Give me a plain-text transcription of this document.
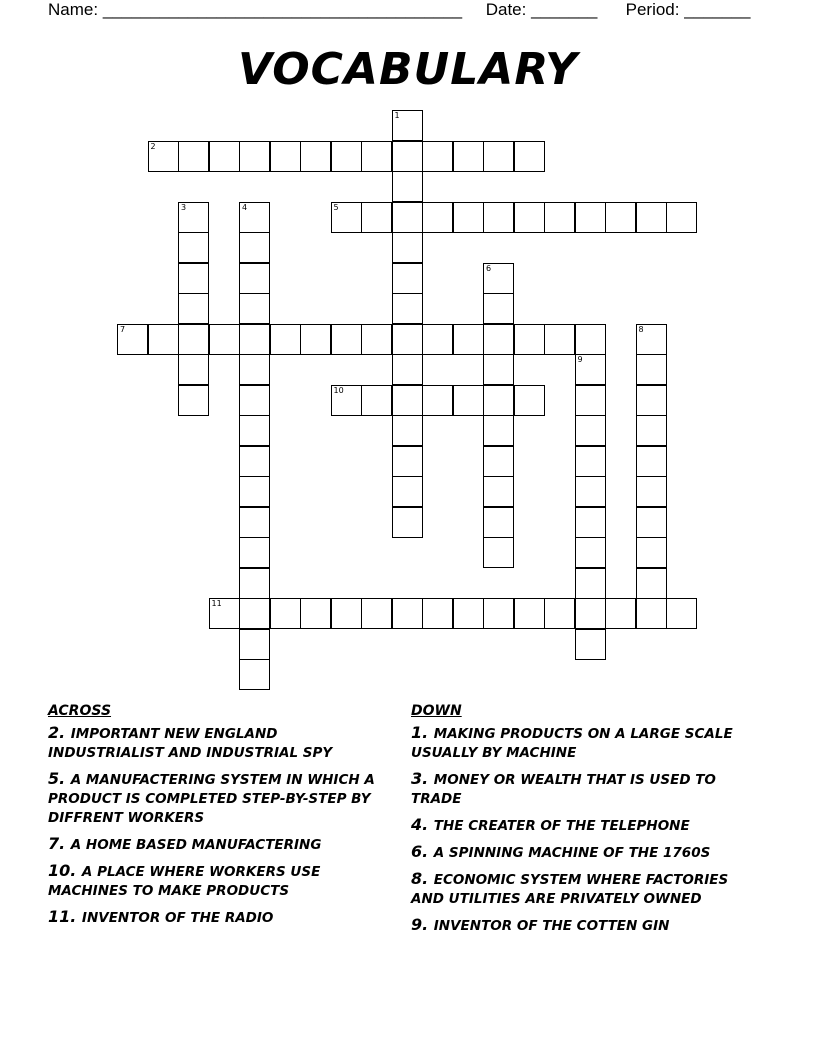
Name: ______________________________________ Date: _______ Period: _______
VOCABULARY
1
2
3	4	5
6
7	8
9
10
11
ACROSS
2. IMPORTANT NEW ENGLAND INDUSTRIALIST AND INDUSTRIAL SPY
5. A MANUFACTERING SYSTEM IN WHICH A PRODUCT IS COMPLETED STEP-BY-STEP BY DIFFRENT WORKERS
7. A HOME BASED MANUFACTERING
10. A PLACE WHERE WORKERS USE MACHINES TO MAKE PRODUCTS
11. INVENTOR OF THE RADIO
DOWN
1. MAKING PRODUCTS ON A LARGE SCALE USUALLY BY MACHINE
3. MONEY OR WEALTH THAT IS USED TO TRADE
4. THE CREATER OF THE TELEPHONE
6. A SPINNING MACHINE OF THE 1760S
8. ECONOMIC SYSTEM WHERE FACTORIES AND UTILITIES ARE PRIVATELY OWNED
9. INVENTOR OF THE COTTEN GIN
